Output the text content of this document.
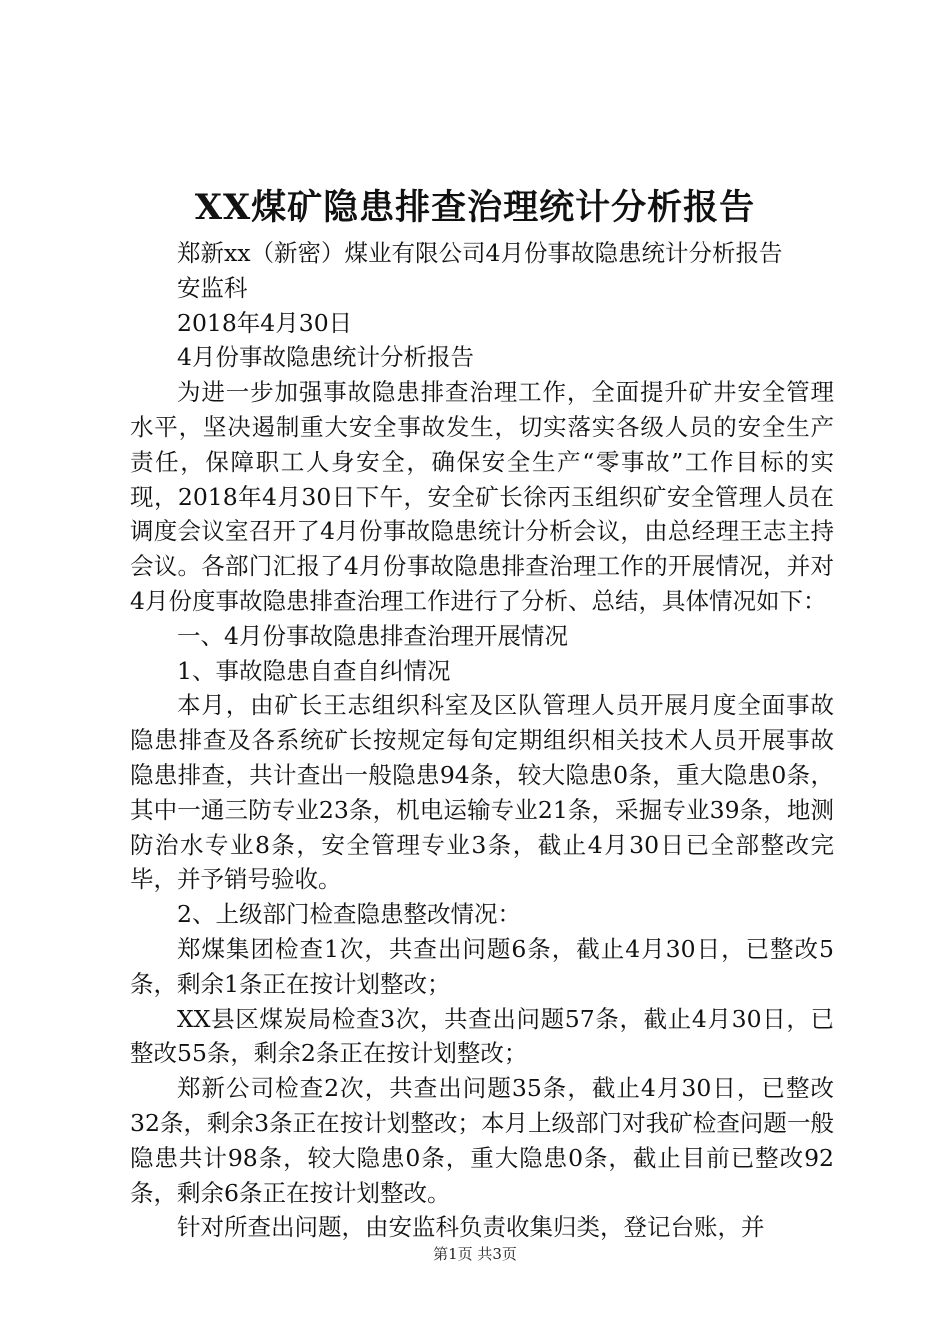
XX煤矿隐患排查治理统计分析报告

郑新xx（新密）煤业有限公司4月份事故隐患统计分析报告

安监科

2018年4月30日

4月份事故隐患统计分析报告

为进一步加强事故隐患排查治理工作，全面提升矿井安全管理水平，坚决遏制重大安全事故发生，切实落实各级人员的安全生产责任，保障职工人身安全，确保安全生产“零事故”工作目标的实现，2018年4月30日下午，安全矿长徐丙玉组织矿安全管理人员在调度会议室召开了4月份事故隐患统计分析会议，由总经理王志主持会议。各部门汇报了4月份事故隐患排查治理工作的开展情况，并对4月份度事故隐患排查治理工作进行了分析、总结，具体情况如下：

一、4月份事故隐患排查治理开展情况

1、事故隐患自查自纠情况

本月，由矿长王志组织科室及区队管理人员开展月度全面事故隐患排查及各系统矿长按规定每旬定期组织相关技术人员开展事故隐患排查，共计查出一般隐患94条，较大隐患0条，重大隐患0条，其中一通三防专业23条，机电运输专业21条，采掘专业39条，地测防治水专业8条，安全管理专业3条，截止4月30日已全部整改完毕，并予销号验收。

2、上级部门检查隐患整改情况：

郑煤集团检查1次，共查出问题6条，截止4月30日，已整改5条，剩余1条正在按计划整改；

XX县区煤炭局检查3次，共查出问题57条，截止4月30日，已整改55条，剩余2条正在按计划整改；

郑新公司检查2次，共查出问题35条，截止4月30日，已整改32条，剩余3条正在按计划整改；本月上级部门对我矿检查问题一般隐患共计98条，较大隐患0条，重大隐患0条，截止目前已整改92条，剩余6条正在按计划整改。

针对所查出问题，由安监科负责收集归类，登记台账，并

第1页 共3页
